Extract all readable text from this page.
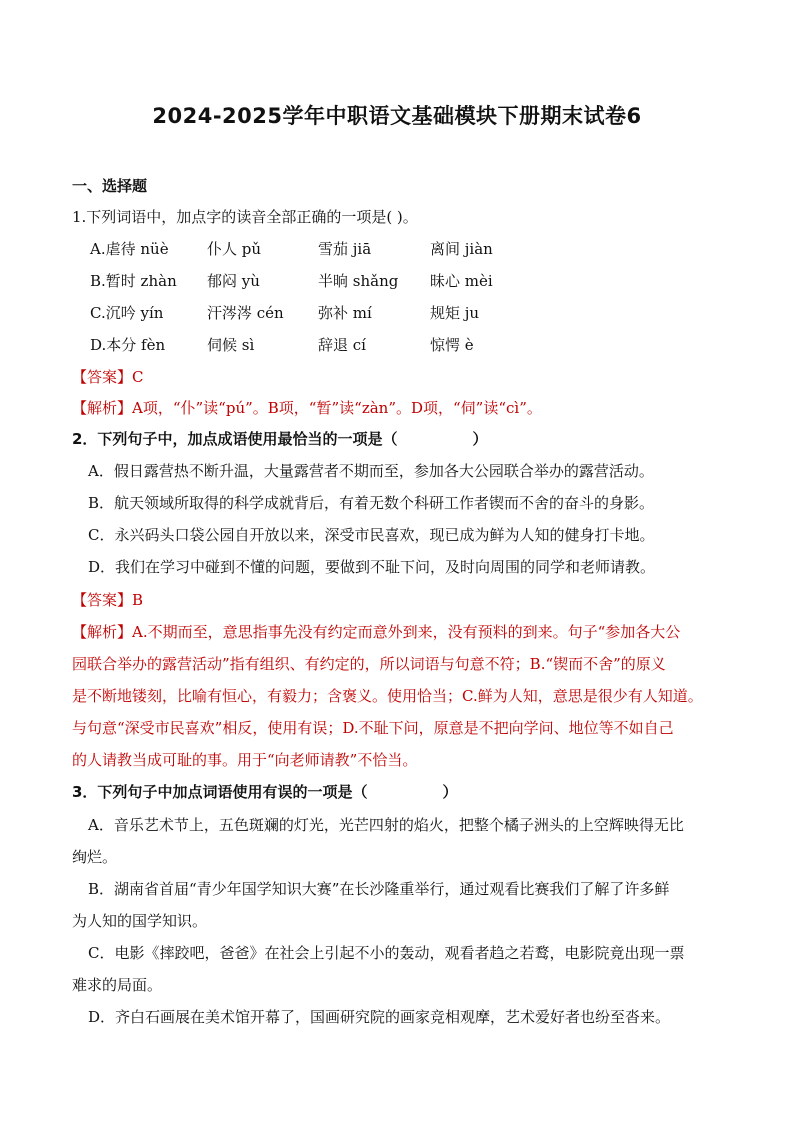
2024-2025学年中职语文基础模块下册期末试卷6
一、选择题
1.下列词语中，加点字的读音全部正确的一项是( )。
A.虐待 nüè	仆人 pǔ	雪茄 jiā	离间 jiàn
B.暂时 zhàn 郁闷 yù	半晌 shǎng 昧心 mèi
C.沉吟 yín	汗涔涔 cén 弥补 mí	规矩 ju
D.本分 fèn	伺候 sì	辞退 cí	惊愕 è
【答案】C
【解析】A项，“仆”读“pú”。B项，“暂”读“zàn”。D项，“伺”读“cì”。
2．下列句子中，加点成语使用最恰当的一项是（　　　　　）
A．假日露营热不断升温，大量露营者不期而至，参加各大公园联合举办的露营活动。
B．航天领域所取得的科学成就背后，有着无数个科研工作者锲而不舍的奋斗的身影。
C．永兴码头口袋公园自开放以来，深受市民喜欢，现已成为鲜为人知的健身打卡地。
D．我们在学习中碰到不懂的问题，要做到不耻下问，及时向周围的同学和老师请教。
【答案】B
【解析】A.不期而至，意思指事先没有约定而意外到来，没有预料的到来。句子“参加各大公
园联合举办的露营活动”指有组织、有约定的，所以词语与句意不符；B.“锲而不舍”的原义
是不断地镂刻，比喻有恒心，有毅力；含褒义。使用恰当；C.鲜为人知，意思是很少有人知道。
与句意“深受市民喜欢”相反，使用有误；D.不耻下问，原意是不把向学问、地位等不如自己
的人请教当成可耻的事。用于“向老师请教”不恰当。
3．下列句子中加点词语使用有误的一项是（　　　　　）
A．音乐艺术节上，五色斑斓的灯光，光芒四射的焰火，把整个橘子洲头的上空辉映得无比
绚烂。
B．湖南省首届“青少年国学知识大赛”在长沙隆重举行，通过观看比赛我们了解了许多鲜
为人知的国学知识。
C．电影《摔跤吧，爸爸》在社会上引起不小的轰动，观看者趋之若鹜，电影院竟出现一票
难求的局面。
D．齐白石画展在美术馆开幕了，国画研究院的画家竞相观摩，艺术爱好者也纷至沓来。
